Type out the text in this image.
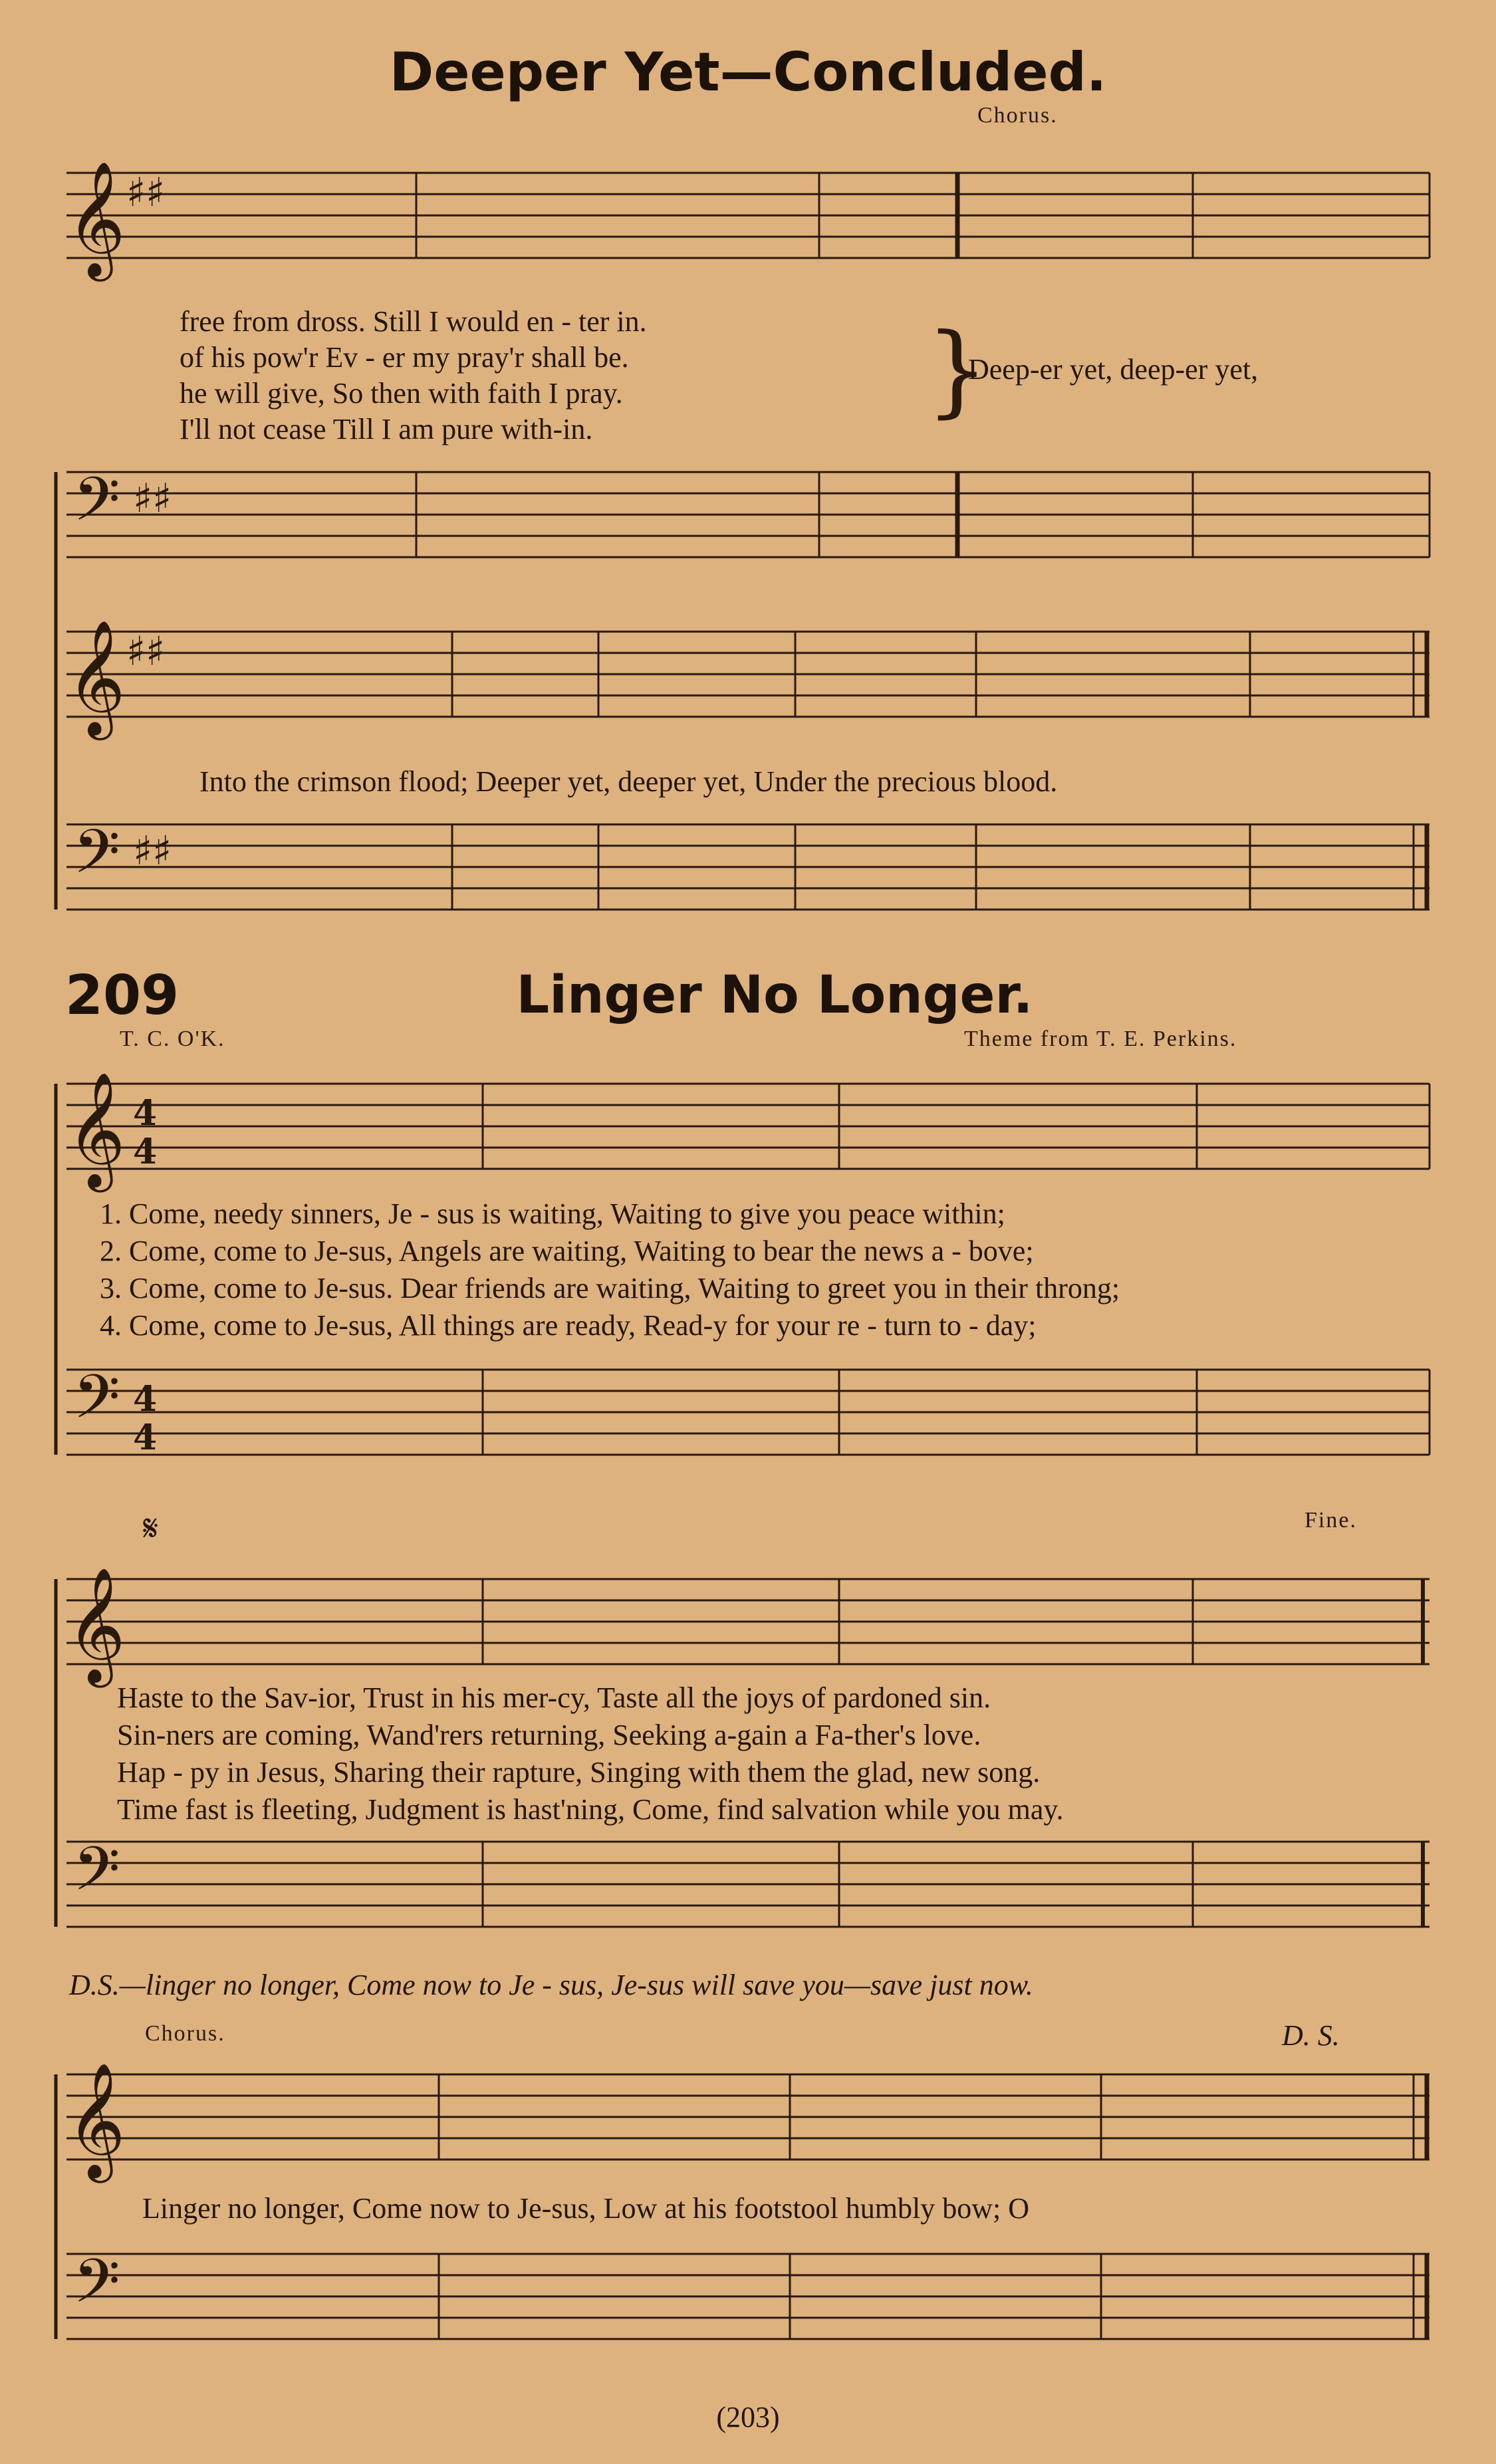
Deeper Yet—Concluded.
Chorus.
𝄞 ♯♯
free from dross. Still I would en - ter in.
of his pow'r Ev - er my pray'r shall be.
he will give, So then with faith I pray.
I'll not cease Till I am pure with-in.
}
Deep-er yet, deep-er yet,
𝄢 ♯♯
𝄞 ♯♯
Into the crimson flood; Deeper yet, deeper yet, Under the precious blood.
𝄢 ♯♯
209	Linger No Longer.
T. C. O'K.	Theme from T. E. Perkins.
𝄞 4
4
1. Come, needy sinners, Je - sus is waiting, Waiting to give you peace within;
2. Come, come to Je-sus, Angels are waiting, Waiting to bear the news a - bove;
3. Come, come to Je-sus. Dear friends are waiting, Waiting to greet you in their throng;
4. Come, come to Je-sus, All things are ready, Read-y for your re - turn to - day;
𝄢 4
4
𝄋	Fine.
𝄞
Haste to the Sav-ior, Trust in his mer-cy, Taste all the joys of pardoned sin.
Sin-ners are coming, Wand'rers returning, Seeking a-gain a Fa-ther's love.
Hap - py in Jesus, Sharing their rapture, Singing with them the glad, new song.
Time fast is fleeting, Judgment is hast'ning, Come, find salvation while you may.
𝄢
D.S.—linger no longer, Come now to Je - sus, Je-sus will save you—save just now.
Chorus.	D. S.
𝄞
Linger no longer, Come now to Je-sus, Low at his footstool humbly bow; O
𝄢
(203)
